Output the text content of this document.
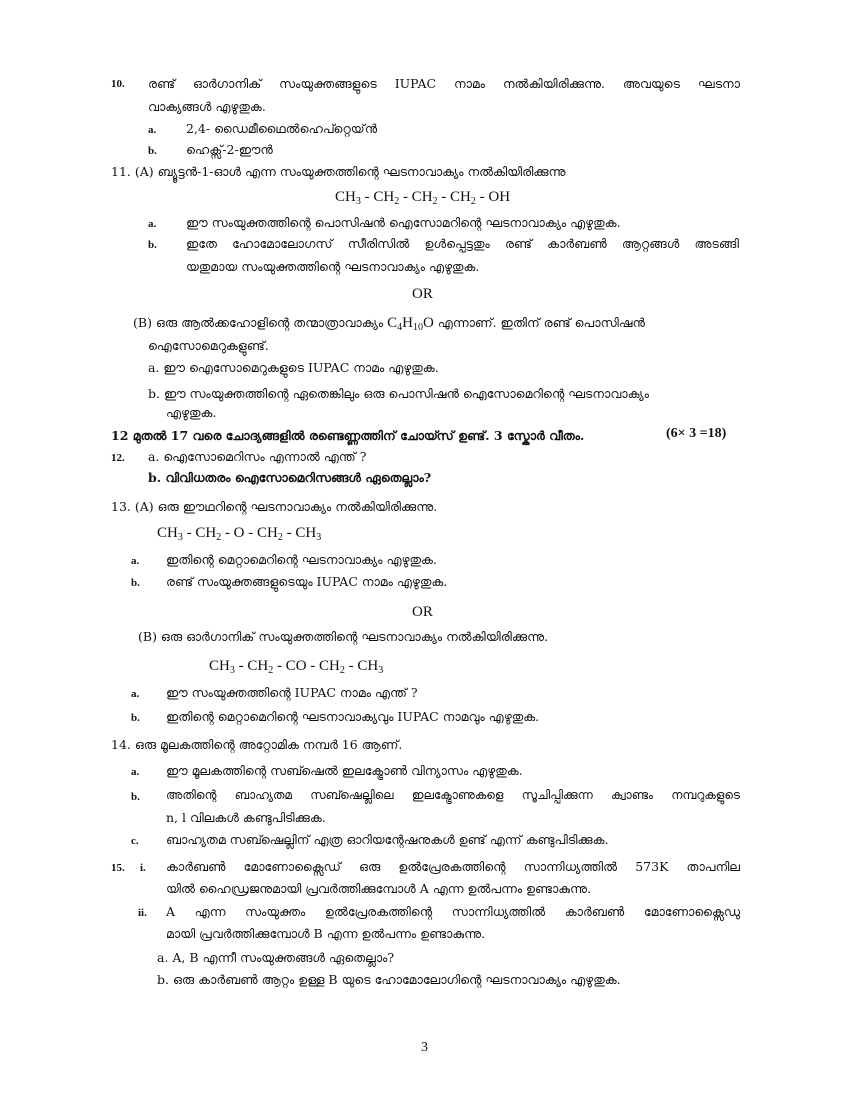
10. രണ്ട് ഓർഗാനിക് സംയുക്തങ്ങളുടെ IUPAC നാമം നൽകിയിരിക്കുന്നു. അവയുടെ ഘടനാ
വാക്യങ്ങൾ എഴുതുക.
a. 2,4- ഡൈമീഥൈൽഹെപ്റ്റെയ്ൻ
b. ഹെക്സ്-2-ഈൻ
11. (A) ബ്യൂട്ടൻ-1-ഓൾ എന്ന സംയുക്തത്തിന്റെ ഘടനാവാക്യം നൽകിയിരിക്കുന്നു
$CH_3 - CH_2 - CH_2 - CH_2$ - OH
a. ഈ സംയുക്തത്തിന്റെ പൊസിഷൻ ഐസോമറിന്റെ ഘടനാവാക്യം എഴുതുക.
b. ഇതേ ഹോമോലോഗസ് സീരിസിൽ ഉൾപ്പെട്ടതും രണ്ട് കാർബൺ ആറ്റങ്ങൾ അടങ്ങി
യതുമായ സംയുക്തത്തിന്റെ ഘടനാവാക്യം എഴുതുക.
OR
(B) ഒരു ആൽക്കഹോളിന്റെ തന്മാത്രാവാക്യം $C_4H_{10}O$ എന്നാണ്. ഇതിന് രണ്ട് പൊസിഷൻ
ഐസോമെറുകളുണ്ട്.
a. ഈ ഐസോമെറുകളുടെ IUPAC നാമം എഴുതുക.
b. ഈ സംയുക്തത്തിന്റെ ഏതെങ്കിലും ഒരു പൊസിഷൻ ഐസോമെറിന്റെ ഘടനാവാക്യം
എഴുതുക.
12 മുതൽ 17 വരെ ചോദ്യങ്ങളിൽ രണ്ടെണ്ണത്തിന് ചോയ്സ് ഉണ്ട്. 3 സ്കോർ വീതം.	(6× 3 =18)
12. a. ഐസോമെറിസം എന്നാൽ എന്ത് ?
b. വിവിധതരം ഐസോമെറിസങ്ങൾ ഏതെല്ലാം?
13. (A) ഒരു ഈഥറിന്റെ ഘടനാവാക്യം നൽകിയിരിക്കുന്നു.
$CH_3 - CH_2$ - O - $CH_2 - CH_3$
a. ഇതിന്റെ മെറ്റാമെറിന്റെ ഘടനാവാക്യം എഴുതുക.
b. രണ്ട് സംയുക്തങ്ങളുടെയും IUPAC നാമം എഴുതുക.
OR
(B) ഒരു ഓർഗാനിക് സംയുക്തത്തിന്റെ ഘടനാവാക്യം നൽകിയിരിക്കുന്നു.
$CH_3 - CH_2$ - CO - $CH_2 - CH_3$
a. ഈ സംയുക്തത്തിന്റെ IUPAC നാമം എന്ത് ?
b. ഇതിന്റെ മെറ്റാമെറിന്റെ ഘടനാവാക്യവും IUPAC നാമവും എഴുതുക.
14. ഒരു മൂലകത്തിന്റെ അറ്റോമിക നമ്പർ 16 ആണ്.
a. ഈ മൂലകത്തിന്റെ സബ്ഷെൽ ഇലക്ട്രോൺ വിന്യാസം എഴുതുക.
b. അതിന്റെ ബാഹ്യതമ സബ്ഷെല്ലിലെ ഇലക്ട്രോണുകളെ സൂചിപ്പിക്കുന്ന ക്വാണ്ടം നമ്പറുകളുടെ
n, l വിലകൾ കണ്ടുപിടിക്കുക.
c. ബാഹ്യതമ സബ്ഷെല്ലിന് എത്ര ഓറിയന്റേഷനുകൾ ഉണ്ട് എന്ന് കണ്ടുപിടിക്കുക.
15. i. കാർബൺ മോണോക്സൈഡ് ഒരു ഉൽപ്രേരകത്തിന്റെ സാന്നിധ്യത്തിൽ 573K താപനില
യിൽ ഹൈഡ്രജനുമായി പ്രവർത്തിക്കുമ്പോൾ A എന്ന ഉൽപന്നം ഉണ്ടാകുന്നു.
ii. A എന്ന സംയുക്തം ഉൽപ്രേരകത്തിന്റെ സാന്നിധ്യത്തിൽ കാർബൺ മോണോക്സൈഡു
മായി പ്രവർത്തിക്കുമ്പോൾ B എന്ന ഉൽപന്നം ഉണ്ടാകുന്നു.
a. A, B എന്നീ സംയുക്തങ്ങൾ ഏതെല്ലാം?
b. ഒരു കാർബൺ ആറ്റം ഉള്ള B യുടെ ഹോമോലോഗിന്റെ ഘടനാവാക്യം എഴുതുക.
3
